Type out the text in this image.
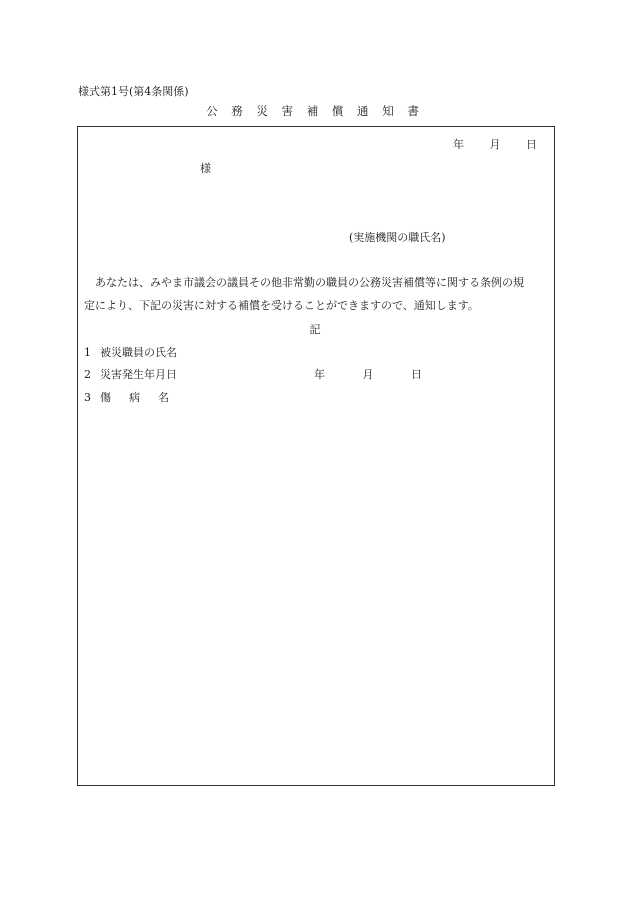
様式第1号(第4条関係)
公 務 災 害 補 償 通 知 書
年 月 日
様
(実施機関の職氏名)
あなたは、みやま市議会の議員その他非常勤の職員の公務災害補償等に関する条例の規
定により、下記の災害に対する補償を受けることができますので、通知します。
記
1 被災職員の氏名
2 災害発生年月日	年	月	日
3 傷 病 名
